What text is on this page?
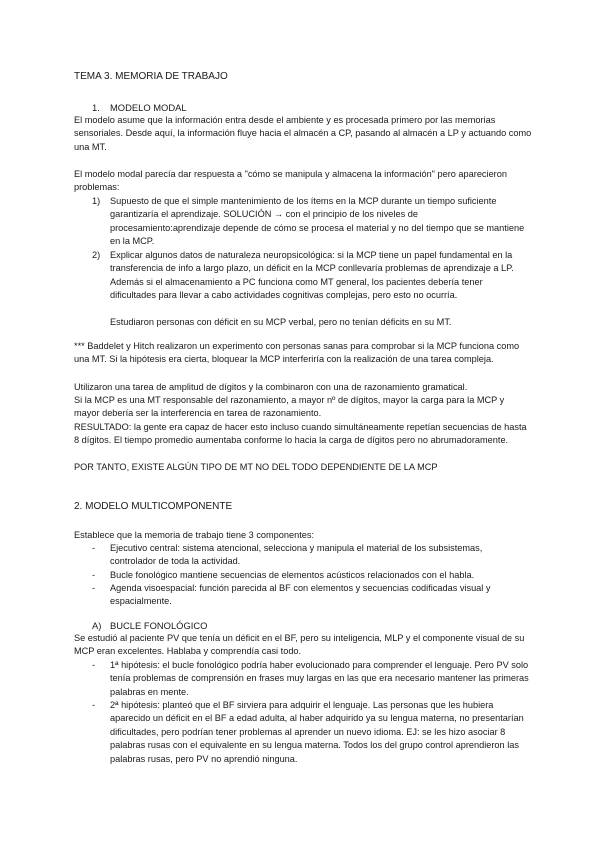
TEMA 3. MEMORIA DE TRABAJO
1. MODELO MODAL

El modelo asume que la información entra desde el ambiente y es procesada primero por las memorias sensoriales. Desde aquí, la información fluye hacia el almacén a CP, pasando al almacén a LP y actuando como una MT.

El modelo modal parecía dar respuesta a "cómo se manipula y almacena la información" pero aparecieron problemas:

1) Supuesto de que el simple mantenimiento de los ítems en la MCP durante un tiempo suficiente garantizaría el aprendizaje. SOLUCIÓN → con el principio de los niveles de procesamiento:aprendizaje depende de cómo se procesa el material y no del tiempo que se mantiene en la MCP.
2) Explicar algunos datos de naturaleza neuropsicológica: si la MCP tiene un papel fundamental en la transferencia de info a largo plazo, un déficit en la MCP conllevaría problemas de aprendizaje a LP. Además si el almacenamiento a PC funciona como MT general, los pacientes debería tener dificultades para llevar a cabo actividades cognitivas complejas, pero esto no ocurría.
Estudiaron personas con déficit en su MCP verbal, pero no tenían déficits en su MT.

*** Baddelet y Hitch realizaron un experimento con personas sanas para comprobar si la MCP funciona como una MT. Si la hipótesis era cierta, bloquear la MCP interferiría con la realización de una tarea compleja.

Utilizaron una tarea de amplitud de dígitos y la combinaron con una de razonamiento gramatical.

Si la MCP es una MT responsable del razonamiento, a mayor nº de dígitos, mayor la carga para la MCP y mayor debería ser la interferencia en tarea de razonamiento.

RESULTADO: la gente era capaz de hacer esto incluso cuando simultáneamente repetían secuencias de hasta 8 dígitos. El tiempo promedio aumentaba conforme lo hacia la carga de dígitos pero no abrumadoramente.

POR TANTO, EXISTE ALGÚN TIPO DE MT NO DEL TODO DEPENDIENTE DE LA MCP

2. MODELO MULTICOMPONENTE

Establece que la memoria de trabajo tiene 3 componentes:

- Ejecutivo central: sistema atencional, selecciona y manipula el material de los subsistemas, controlador de toda la actividad.
- Bucle fonológico mantiene secuencias de elementos acústicos relacionados con el habla.
- Agenda visoespacial: función parecida al BF con elementos y secuencias codificadas visual y espacialmente.
A) BUCLE FONOLÓGICO

Se estudió al paciente PV que tenía un déficit en el BF, pero su inteligencia, MLP y el componente visual de su MCP eran excelentes. Hablaba y comprendía casi todo.

- 1ª hipótesis: el bucle fonológico podría haber evolucionado para comprender el lenguaje. Pero PV solo tenía problemas de comprensión en frases muy largas en las que era necesario mantener las primeras palabras en mente.
- 2ª hipótesis: planteó que el BF sirviera para adquirir el lenguaje. Las personas que les hubiera aparecido un déficit en el BF a edad adulta, al haber adquirido ya su lengua materna, no presentarían dificultades, pero podrían tener problemas al aprender un nuevo idioma. EJ: se les hizo asociar 8 palabras rusas con el equivalente en su lengua materna. Todos los del grupo control aprendieron las palabras rusas, pero PV no aprendió ninguna.
